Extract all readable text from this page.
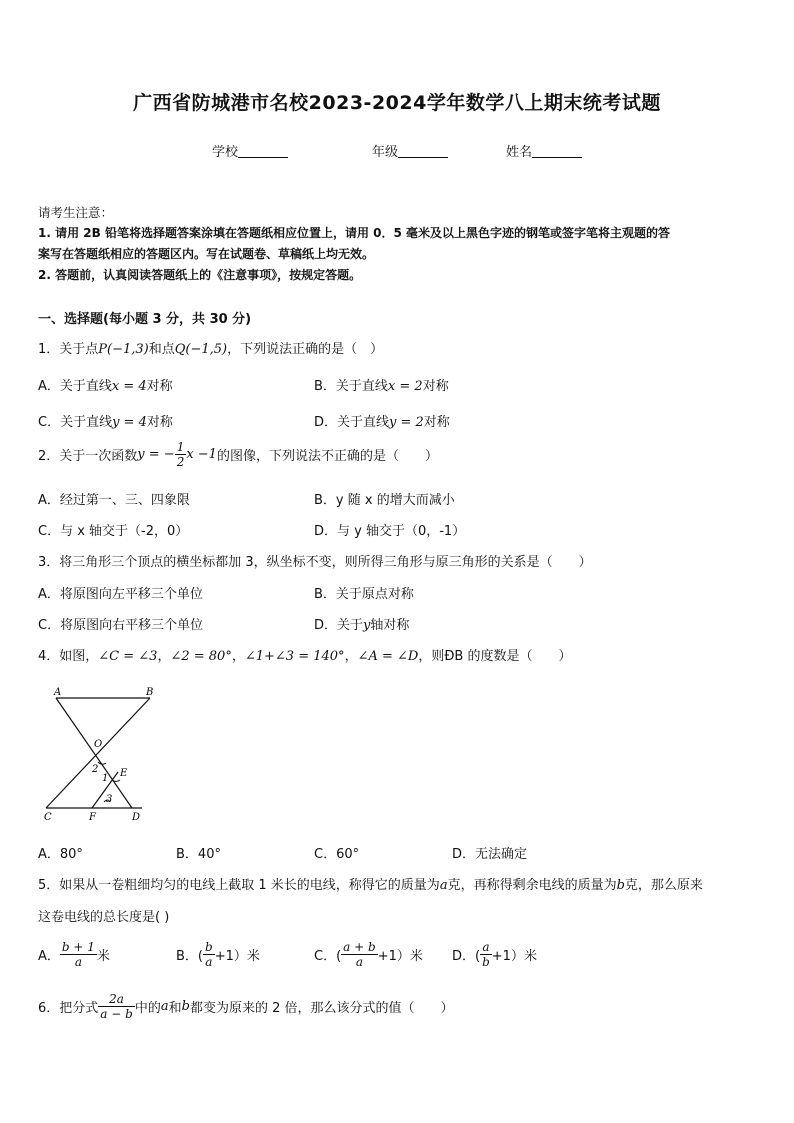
广西省防城港市名校2023-2024学年数学八上期末统考试题
学校	年级	姓名
请考生注意：
1. 请用 2B 铅笔将选择题答案涂填在答题纸相应位置上，请用 0．5 毫米及以上黑色字迹的钢笔或签字笔将主观题的答
案写在答题纸相应的答题区内。写在试题卷、草稿纸上均无效。
2. 答题前，认真阅读答题纸上的《注意事项》，按规定答题。
一、选择题(每小题 3 分，共 30 分)
1．关于点P(−1,3)和点Q(−1,5)，下列说法正确的是（　）
A．关于直线x = 4对称	B．关于直线x = 2对称
C．关于直线y = 4对称	D．关于直线y = 2对称
2．关于一次函数y = − $\frac{1}{2}$ x −1的图像，下列说法不正确的是（　　）
A．经过第一、三、四象限	B．y 随 x 的增大而减小
C．与 x 轴交于（-2，0）	D．与 y 轴交于（0，-1）
3．将三角形三个顶点的横坐标都加 3，纵坐标不变，则所得三角形与原三角形的关系是（　　）
A．将原图向左平移三个单位	B．关于原点对称
C．将原图向右平移三个单位	D．关于y轴对称
4．如图，∠C = ∠3，∠2 = 80°，∠1+∠3 = 140°，∠A = ∠D，则ÐB 的度数是（　　）
A	B
O
E
2
1
3
C	F	D
A．80°	B．40°	C．60°	D．无法确定
5．如果从一卷粗细均匀的电线上截取 1 米长的电线，称得它的质量为a克，再称得剩余电线的质量为b克，那么原来
这卷电线的总长度是( )
A． $\frac{b + 1}{a}$ 米	B．( $\frac{b}{a} +1$）米	C．( $\frac{a + b}{a} +1$）米 D．( $\frac{a}{b} +1$）米
6．把分式 $\frac{2a}{a - b}$ 中的a和b都变为原来的 2 倍，那么该分式的值（　　）
